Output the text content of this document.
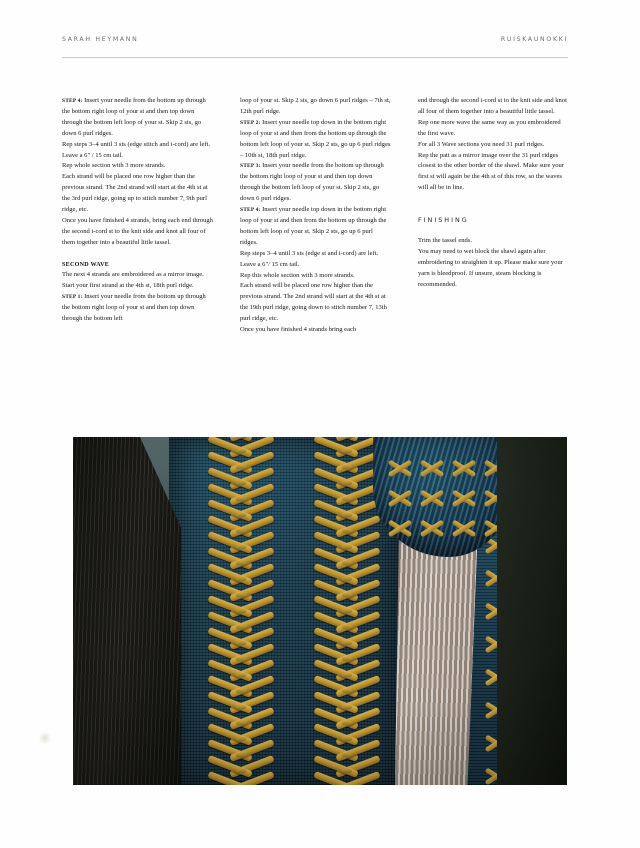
SARAH HEYMANN	RUISKAUNOKKI

STEP 4: Insert your needle from the bottom up through the bottom right loop of your st and then top down through the bottom left loop of your st. Skip 2 sts, go down 6 purl ridges.

Rep steps 3–4 until 3 sts (edge stitch and i-cord) are left. Leave a 6" / 15 cm tail.

Rep whole section with 3 more strands.

Each strand will be placed one row higher than the previous strand. The 2nd strand will start at the 4th st at the 3rd purl ridge, going up to stitch number 7, 9th purl ridge, etc.

Once you have finished 4 strands, bring each end through the second i-cord st to the knit side and knot all four of them together into a beautiful little tassel.

SECOND WAVE

The next 4 strands are embroidered as a mirror image. Start your first strand at the 4th st, 18th purl ridge.

STEP 1: Insert your needle from the bottom up through the bottom right loop of your st and then top down through the bottom left

loop of your st. Skip 2 sts, go down 6 purl ridges – 7th st, 12th purl ridge.

STEP 2: Insert your needle top down in the bottom right loop of your st and then from the bottom up through the bottom left loop of your st. Skip 2 sts, go up 6 purl ridges – 10th st, 18th purl ridge.

STEP 3: Insert your needle from the bottom up through the bottom right loop of your st and then top down through the bottom left loop of your st. Skip 2 sts, go down 6 purl ridges.

STEP 4: Insert your needle top down in the bottom right loop of your st and then from the bottom up through the bottom left loop of your st. Skip 2 sts, go up 6 purl ridges.

Rep steps 3–4 until 3 sts (edge st and i-cord) are left. Leave a 6"/ 15 cm tail.

Rep this whole section with 3 more strands.

Each strand will be placed one row higher than the previous strand. The 2nd strand will start at the 4th st at the 19th purl ridge, going down to stitch number 7, 13th purl ridge, etc.

Once you have finished 4 strands bring each

end through the second i-cord st to the knit side and knot all four of them together into a beautiful little tassel.

Rep one more wave the same way as you embroidered the first wave.

For all 3 Wave sections you need 31 purl ridges.

Rep the patt as a mirror image over the 31 purl ridges closest to the other border of the shawl. Make sure your first st will again be the 4th st of this row, so the waves will all be in line.

FINISHING

Trim the tassel ends.

You may need to wet block the shawl again after embroidering to straighten it up. Please make sure your yarn is bleedproof. If unsure, steam blocking is recommended.
